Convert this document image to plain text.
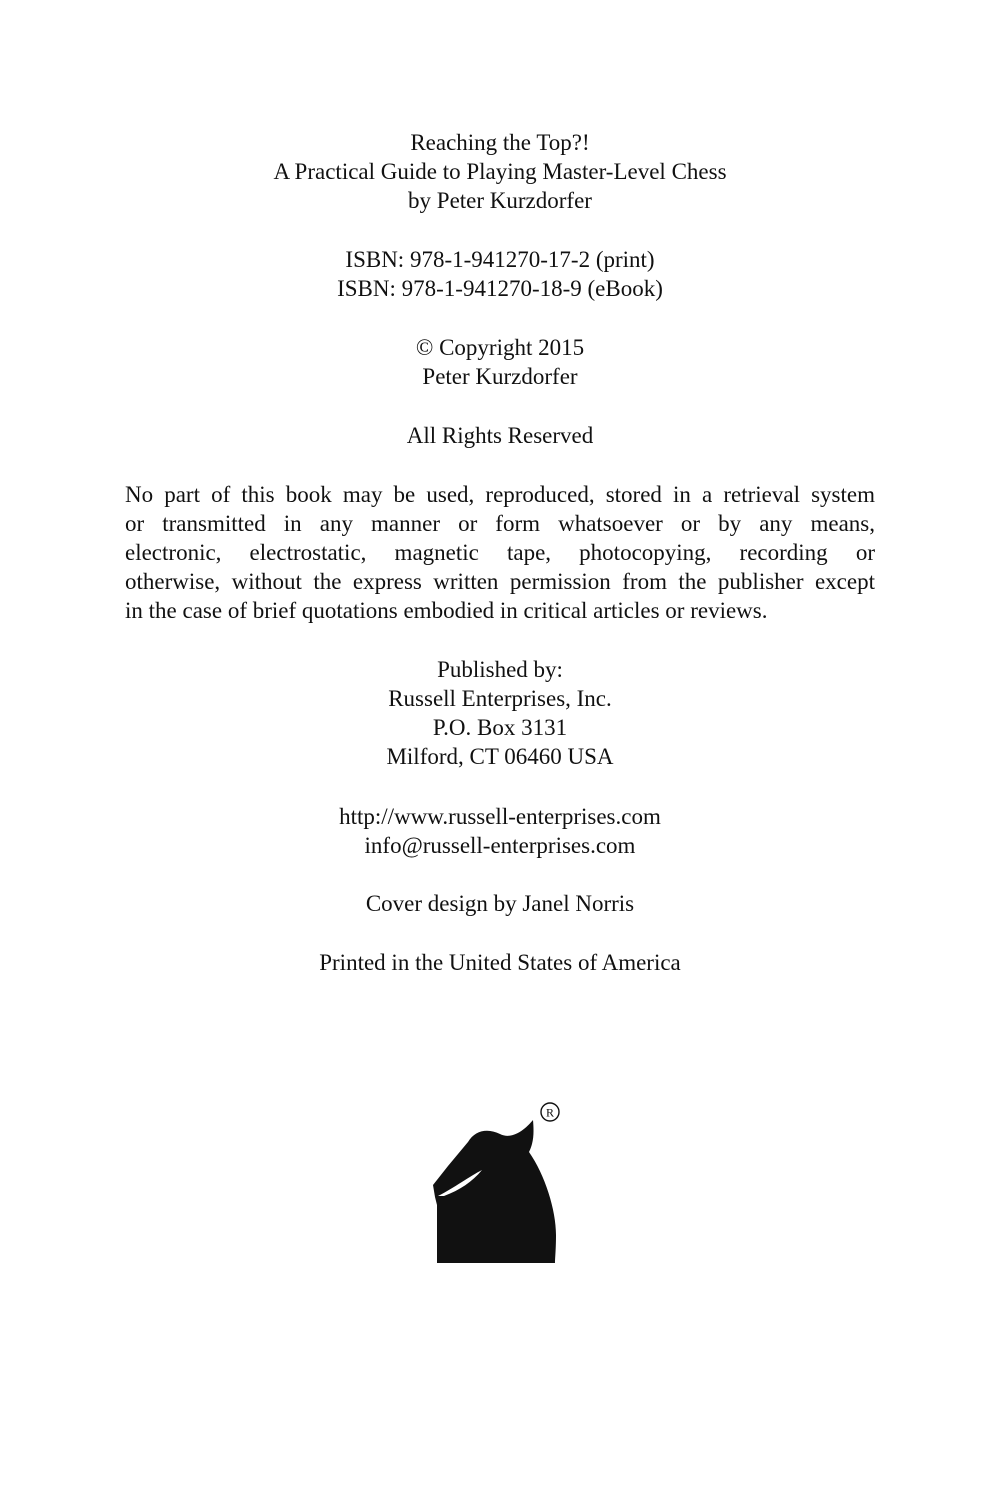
Reaching the Top?!
A Practical Guide to Playing Master-Level Chess
by Peter Kurzdorfer
ISBN: 978-1-941270-17-2 (print)
ISBN: 978-1-941270-18-9 (eBook)
© Copyright 2015
Peter Kurzdorfer
All Rights Reserved
No part of this book may be used, reproduced, stored in a retrieval system
or transmitted in any manner or form whatsoever or by any means,
electronic, electrostatic, magnetic tape, photocopying, recording or
otherwise, without the express written permission from the publisher except
in the case of brief quotations embodied in critical articles or reviews.
Published by:
Russell Enterprises, Inc.
P.O. Box 3131
Milford, CT 06460 USA
http://www.russell-enterprises.com
info@russell-enterprises.com
Cover design by Janel Norris
Printed in the United States of America
R
